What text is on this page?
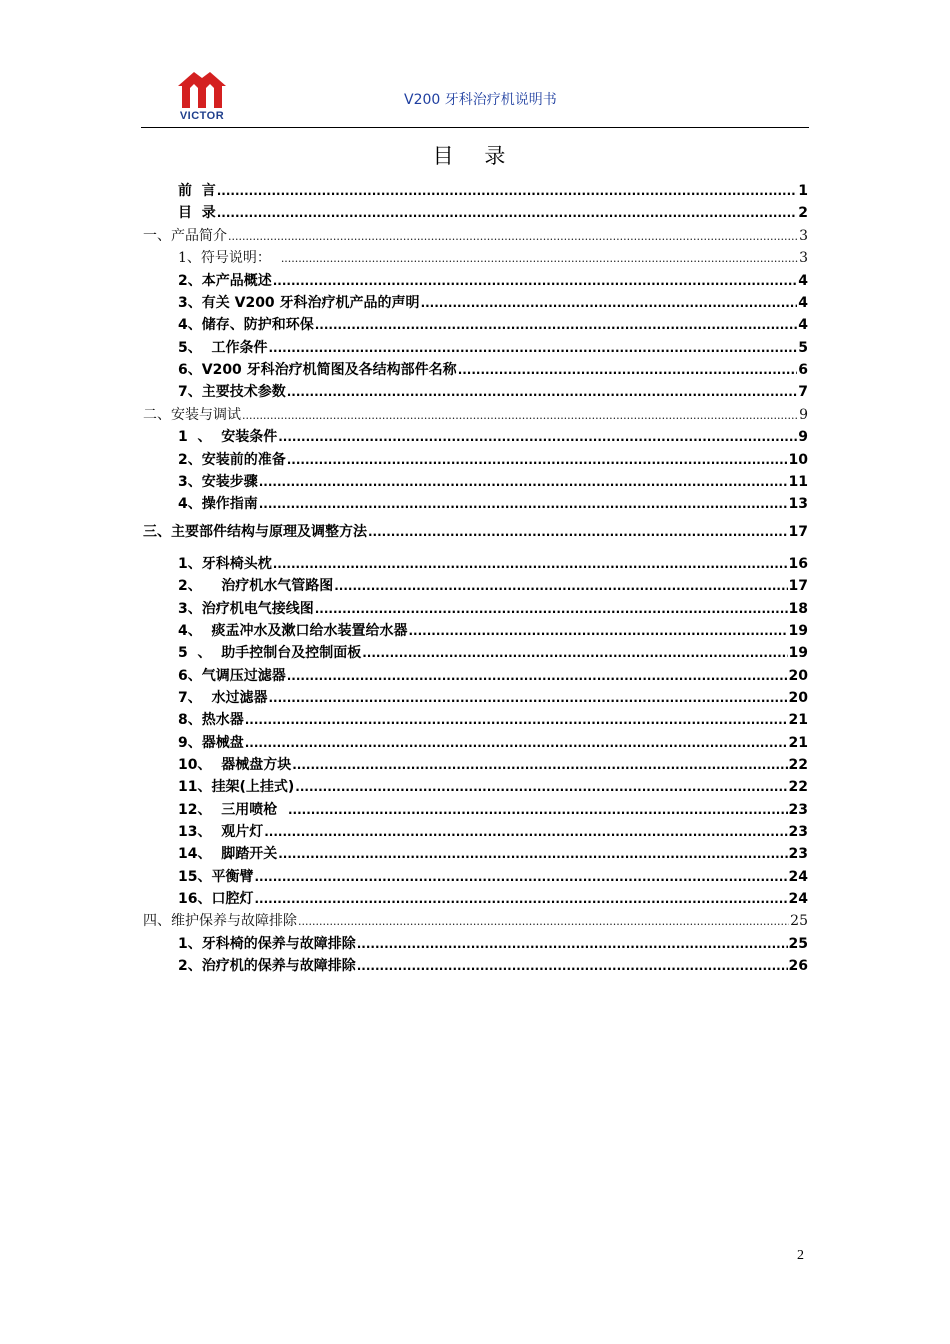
VICTOR
V200 牙科治疗机说明书
目 录
前  言 .....	1
目  录 .....	2
一、产品简介 .....	3
1、符号说明： .....	3
2、本产品概述 .....	4
3、有关 V200 牙科治疗机产品的声明 .....	4
4、储存、防护和环保 .....	4
5、  工作条件 .....	5
6、V200 牙科治疗机简图及各结构部件名称 .....	6
7、主要技术参数 .....	7
二、安装与调试 .....	9
1  、  安装条件 .....	9
2、安装前的准备 .....	10
3、安装步骤 .....	11
4、操作指南 .....	13
三、主要部件结构与原理及调整方法 .....	17
1、牙科椅头枕 .....	16
2、    治疗机水气管路图 .....	17
3、治疗机电气接线图 .....	18
4、  痰盂冲水及漱口给水装置给水器 .....	19
5  、  助手控制台及控制面板 .....	19
6、气调压过滤器 .....	20
7、  水过滤器 .....	20
8、热水器 .....	21
9、器械盘 .....	21
10、  器械盘方块 .....	22
11、挂架(上挂式) .....	22
12、  三用喷枪 .....	23
13、  观片灯 .....	23
14、  脚踏开关 .....	23
15、平衡臂 .....	24
16、口腔灯 .....	24
四、维护保养与故障排除 .....	25
1、牙科椅的保养与故障排除 .....	25
2、治疗机的保养与故障排除 .....	26
2
